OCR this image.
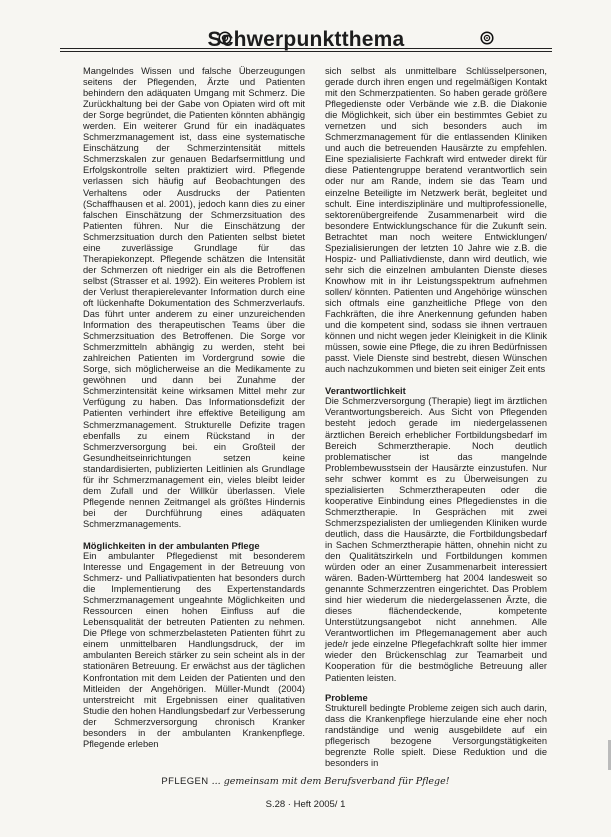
Schwerpunktthema

Mangelndes Wissen und falsche Überzeugungen seitens der Pflegenden, Ärzte und Patienten behindern den adäquaten Umgang mit Schmerz. Die Zurückhaltung bei der Gabe von Opiaten wird oft mit der Sorge begründet, die Patienten könnten abhängig werden. Ein weiterer Grund für ein inadäquates Schmerzmanagement ist, dass eine systematische Einschätzung der Schmerzintensität mittels Schmerzskalen zur genauen Bedarfsermittlung und Erfolgskontrolle selten praktiziert wird. Pflegende verlassen sich häufig auf Beobachtungen des Verhaltens oder Ausdrucks der Patienten (Schaffhausen et al. 2001), jedoch kann dies zu einer falschen Einschätzung der Schmerzsituation des Patienten führen. Nur die Einschätzung der Schmerzsituation durch den Patienten selbst bietet eine zuverlässige Grundlage für das Therapiekonzept. Pflegende schätzen die Intensität der Schmerzen oft niedriger ein als die Betroffenen selbst (Strasser et al. 1992). Ein weiteres Problem ist der Verlust therapierelevanter Information durch eine oft lückenhafte Dokumentation des Schmerzverlaufs. Das führt unter anderem zu einer unzureichenden Information des therapeutischen Teams über die Schmerzsituation des Betroffenen. Die Sorge vor Schmerzmitteln abhängig zu werden, steht bei zahlreichen Patienten im Vordergrund sowie die Sorge, sich möglicherweise an die Medikamente zu gewöhnen und dann bei Zunahme der Schmerzintensität keine wirksamen Mittel mehr zur Verfügung zu haben. Das Informationsdefizit der Patienten verhindert ihre effektive Beteiligung am Schmerzmanagement. Strukturelle Defizite tragen ebenfalls zu einem Rückstand in der Schmerzversorgung bei. ein Großteil der Gesundheitseinrichtungen setzen keine standardisierten, publizierten Leitlinien als Grundlage für ihr Schmerzmanagement ein, vieles bleibt leider dem Zufall und der Willkür überlassen. Viele Pflegende nennen Zeitmangel als größtes Hindernis bei der Durchführung eines adäquaten Schmerzmanagements.

Möglichkeiten in der ambulanten Pflege

Ein ambulanter Pflegedienst mit besonderem Interesse und Engagement in der Betreuung von Schmerz- und Palliativpatienten hat besonders durch die Implementierung des Expertenstandards Schmerzmanagement ungeahnte Möglichkeiten und Ressourcen einen hohen Einfluss auf die Lebensqualität der betreuten Patienten zu nehmen. Die Pflege von schmerzbelasteten Patienten führt zu einem unmittelbaren Handlungsdruck, der im ambulanten Bereich stärker zu sein scheint als in der stationären Betreuung. Er erwächst aus der täglichen Konfrontation mit dem Leiden der Patienten und den Mitleiden der Angehörigen. Müller-Mundt (2004) unterstreicht mit Ergebnissen einer qualitativen Studie den hohen Handlungsbedarf zur Verbesserung der Schmerzversorgung chronisch Kranker besonders in der ambulanten Krankenpflege. Pflegende erleben

sich selbst als unmittelbare Schlüsselpersonen, gerade durch ihren engen und regelmäßigen Kontakt mit den Schmerzpatienten. So haben gerade größere Pflegedienste oder Verbände wie z.B. die Diakonie die Möglichkeit, sich über ein bestimmtes Gebiet zu vernetzen und sich besonders auch im Schmerzmanagement für die entlassenden Kliniken und auch die betreuenden Hausärzte zu empfehlen. Eine spezialisierte Fachkraft wird entweder direkt für diese Patientengruppe beratend verantwortlich sein oder nur am Rande, indem sie das Team und einzelne Beteiligte im Netzwerk berät, begleitet und schult. Eine interdisziplinäre und multiprofessionelle, sektorenübergreifende Zusammenarbeit wird die besondere Entwicklungschance für die Zukunft sein. Betrachtet man noch weitere Entwicklungen/ Spezialisierungen der letzten 10 Jahre wie z.B. die Hospiz- und Palliativdienste, dann wird deutlich, wie sehr sich die einzelnen ambulanten Dienste dieses Knowhow mit in ihr Leistungsspektrum aufnehmen sollen/ könnten. Patienten und Angehörige wünschen sich oftmals eine ganzheitliche Pflege von den Fachkräften, die ihre Anerkennung gefunden haben und die kompetent sind, sodass sie ihnen vertrauen können und nicht wegen jeder Kleinigkeit in die Klinik müssen, sowie eine Pflege, die zu ihren Bedürfnissen passt. Viele Dienste sind bestrebt, diesen Wünschen auch nachzukommen und bieten seit einiger Zeit ents

Verantwortlichkeit

Die Schmerzversorgung (Therapie) liegt im ärztlichen Verantwortungsbereich. Aus Sicht von Pflegenden besteht jedoch gerade im niedergelassenen ärztlichen Bereich erheblicher Fortbildungsbedarf im Bereich Schmerztherapie. Noch deutlich problematischer ist das mangelnde Problembewusstsein der Hausärzte einzustufen. Nur sehr schwer kommt es zu Überweisungen zu spezialisierten Schmerztherapeuten oder die kooperative Einbindung eines Pflegedienstes in die Schmerztherapie. In Gesprächen mit zwei Schmerzspezialisten der umliegenden Kliniken wurde deutlich, dass die Hausärzte, die Fortbildungsbedarf in Sachen Schmerztherapie hätten, ohnehin nicht zu den Qualitätszirkeln und Fortbildungen kommen würden oder an einer Zusammenarbeit interessiert wären. Baden-Württemberg hat 2004 landesweit so genannte Schmerzzentren eingerichtet. Das Problem sind hier wiederum die niedergelassenen Ärzte, die dieses flächendeckende, kompetente Unterstützungsangebot nicht annehmen. Alle Verantwortlichen im Pflegemanagement aber auch jede/r jede einzelne Pflegefachkraft sollte hier immer wieder den Brückenschlag zur Teamarbeit und Kooperation für die bestmögliche Betreuung aller Patienten leisten.

Probleme

Strukturell bedingte Probleme zeigen sich auch darin, dass die Krankenpflege hierzulande eine eher noch randständige und wenig ausgebildete auf ein pflegerisch bezogene Versorgungstätigkeiten begrenzte Rolle spielt. Diese Reduktion und die besonders in

PFLEGEN ... gemeinsam mit dem Berufsverband für Pflege!
S.28 · Heft 2005/ 1
